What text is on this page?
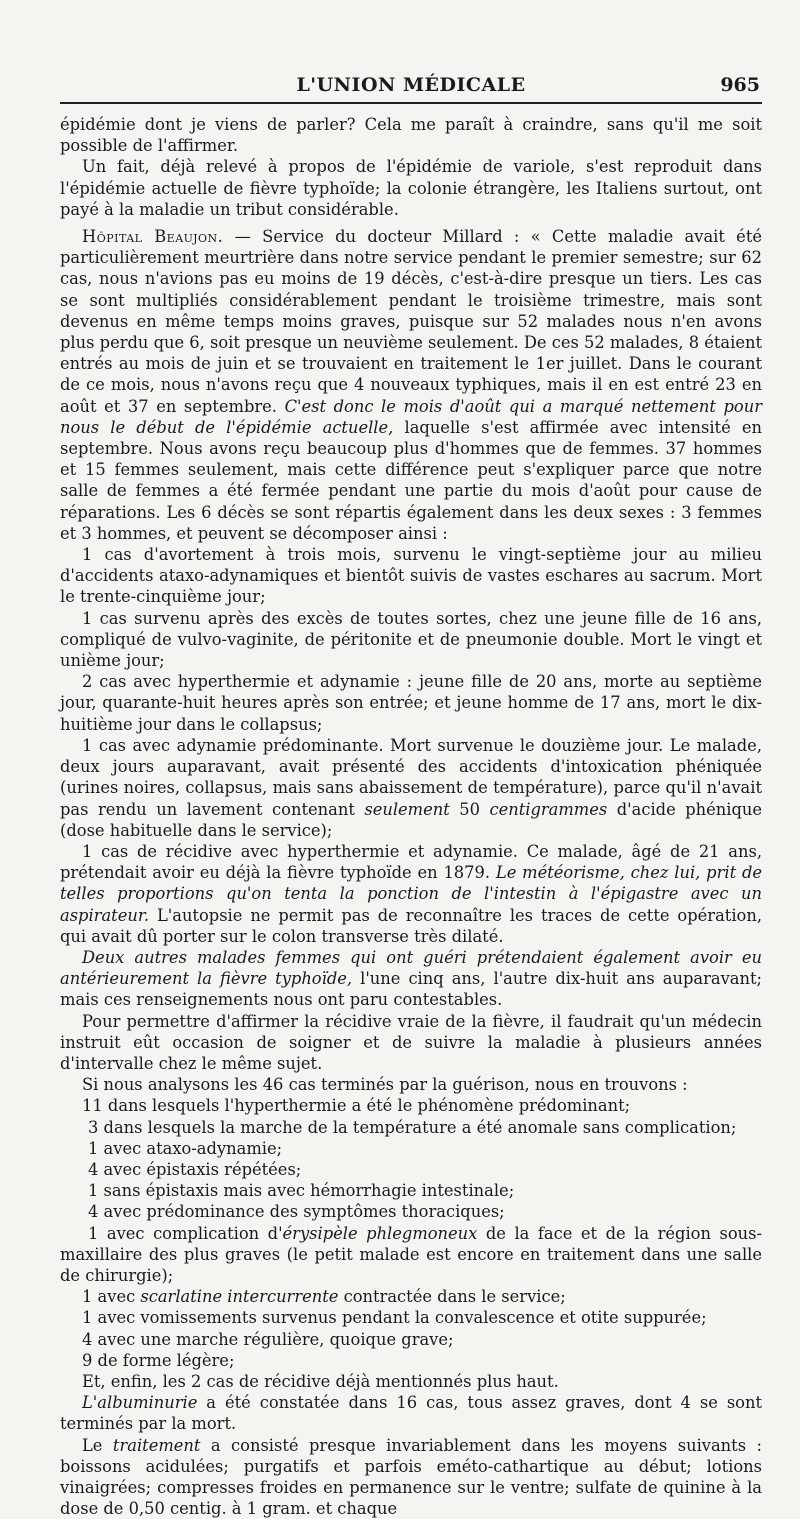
L'UNION MÉDICALE	965

épidémie dont je viens de parler? Cela me paraît à craindre, sans qu'il me soit possible de l'affirmer.

Un fait, déjà relevé à propos de l'épidémie de variole, s'est reproduit dans l'épidémie actuelle de fièvre typhoïde; la colonie étrangère, les Italiens surtout, ont payé à la maladie un tribut considérable.

Hôpital Beaujon. — Service du docteur Millard : « Cette maladie avait été particulièrement meurtrière dans notre service pendant le premier semestre; sur 62 cas, nous n'avions pas eu moins de 19 décès, c'est-à-dire presque un tiers. Les cas se sont multipliés considérablement pendant le troisième trimestre, mais sont devenus en même temps moins graves, puisque sur 52 malades nous n'en avons plus perdu que 6, soit presque un neuvième seulement. De ces 52 malades, 8 étaient entrés au mois de juin et se trouvaient en traitement le 1er juillet. Dans le courant de ce mois, nous n'avons reçu que 4 nouveaux typhiques, mais il en est entré 23 en août et 37 en septembre. C'est donc le mois d'août qui a marqué nettement pour nous le début de l'épidémie actuelle, laquelle s'est affirmée avec intensité en septembre. Nous avons reçu beaucoup plus d'hommes que de femmes. 37 hommes et 15 femmes seulement, mais cette différence peut s'expliquer parce que notre salle de femmes a été fermée pendant une partie du mois d'août pour cause de réparations. Les 6 décès se sont répartis également dans les deux sexes : 3 femmes et 3 hommes, et peuvent se décomposer ainsi :

1 cas d'avortement à trois mois, survenu le vingt-septième jour au milieu d'accidents ataxo-adynamiques et bientôt suivis de vastes eschares au sacrum. Mort le trente-cinquième jour;

1 cas survenu après des excès de toutes sortes, chez une jeune fille de 16 ans, compliqué de vulvo-vaginite, de péritonite et de pneumonie double. Mort le vingt et unième jour;

2 cas avec hyperthermie et adynamie : jeune fille de 20 ans, morte au septième jour, quarante-huit heures après son entrée; et jeune homme de 17 ans, mort le dix-huitième jour dans le collapsus;

1 cas avec adynamie prédominante. Mort survenue le douzième jour. Le malade, deux jours auparavant, avait présenté des accidents d'intoxication phéniquée (urines noires, collapsus, mais sans abaissement de température), parce qu'il n'avait pas rendu un lavement contenant seulement 50 centigrammes d'acide phénique (dose habituelle dans le service);

1 cas de récidive avec hyperthermie et adynamie. Ce malade, âgé de 21 ans, prétendait avoir eu déjà la fièvre typhoïde en 1879. Le météorisme, chez lui, prit de telles proportions qu'on tenta la ponction de l'intestin à l'épigastre avec un aspirateur. L'autopsie ne permit pas de reconnaître les traces de cette opération, qui avait dû porter sur le colon transverse très dilaté.

Deux autres malades femmes qui ont guéri prétendaient également avoir eu antérieurement la fièvre typhoïde, l'une cinq ans, l'autre dix-huit ans auparavant; mais ces renseignements nous ont paru contestables.

Pour permettre d'affirmer la récidive vraie de la fièvre, il faudrait qu'un médecin instruit eût occasion de soigner et de suivre la maladie à plusieurs années d'intervalle chez le même sujet.

Si nous analysons les 46 cas terminés par la guérison, nous en trouvons :

11 dans lesquels l'hyperthermie a été le phénomène prédominant;

3 dans lesquels la marche de la température a été anomale sans complication;

1 avec ataxo-adynamie;

4 avec épistaxis répétées;

1 sans épistaxis mais avec hémorrhagie intestinale;

4 avec prédominance des symptômes thoraciques;

1 avec complication d'érysipèle phlegmoneux de la face et de la région sous-maxillaire des plus graves (le petit malade est encore en traitement dans une salle de chirurgie);

1 avec scarlatine intercurrente contractée dans le service;

1 avec vomissements survenus pendant la convalescence et otite suppurée;

4 avec une marche régulière, quoique grave;

9 de forme légère;

Et, enfin, les 2 cas de récidive déjà mentionnés plus haut.

L'albuminurie a été constatée dans 16 cas, tous assez graves, dont 4 se sont terminés par la mort.

Le traitement a consisté presque invariablement dans les moyens suivants : boissons acidulées; purgatifs et parfois eméto-cathartique au début; lotions vinaigrées; compresses froides en permanence sur le ventre; sulfate de quinine à la dose de 0,50 centig. à 1 gram. et chaque
